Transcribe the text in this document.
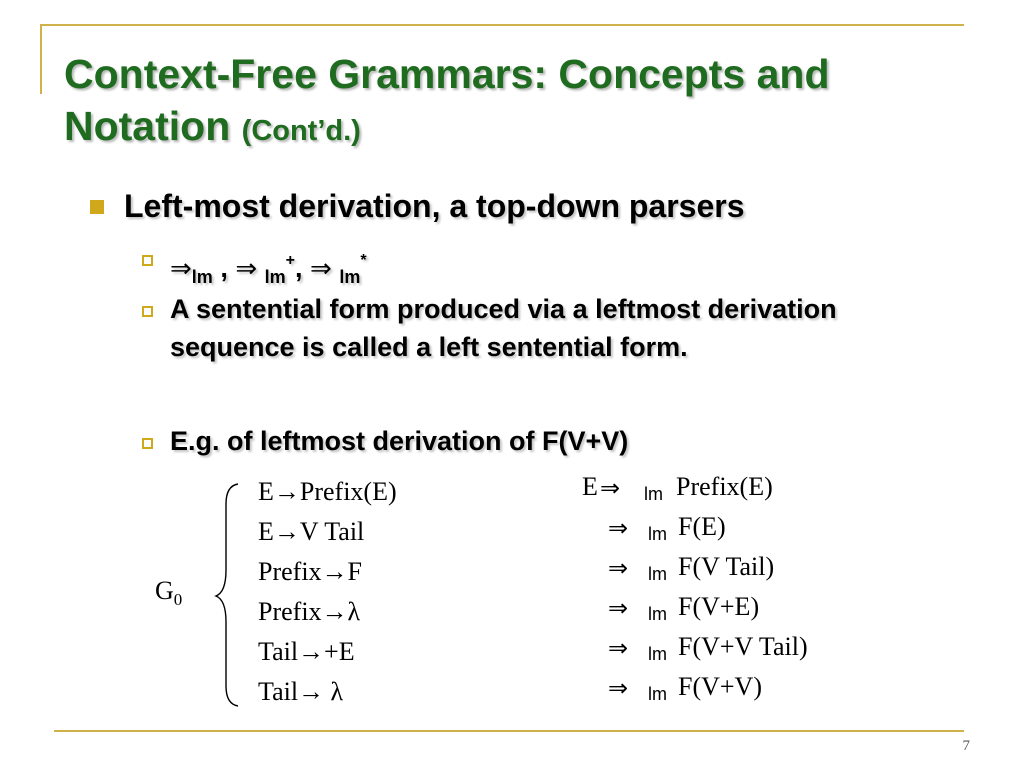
Context-Free Grammars: Concepts and Notation (Cont’d.)
Left-most derivation, a top-down parsers
$\Rightarrow_{lm}$ , ⇒ $_{lm}$+, ⇒ $_{lm}$*
A sentential form produced via a leftmost derivation sequence is called a left sentential form.
E.g. of leftmost derivation of F(V+V)
$G_0$
E→Prefix(E)
E→V Tail
Prefix→F
Prefix→λ
Tail→+E
Tail→ λ
E ⇒ lm Prefix(E)
⇒ lm F(E)
⇒ lm F(V Tail)
⇒ lm F(V+E)
⇒ lm F(V+V Tail)
⇒ lm F(V+V)
7
